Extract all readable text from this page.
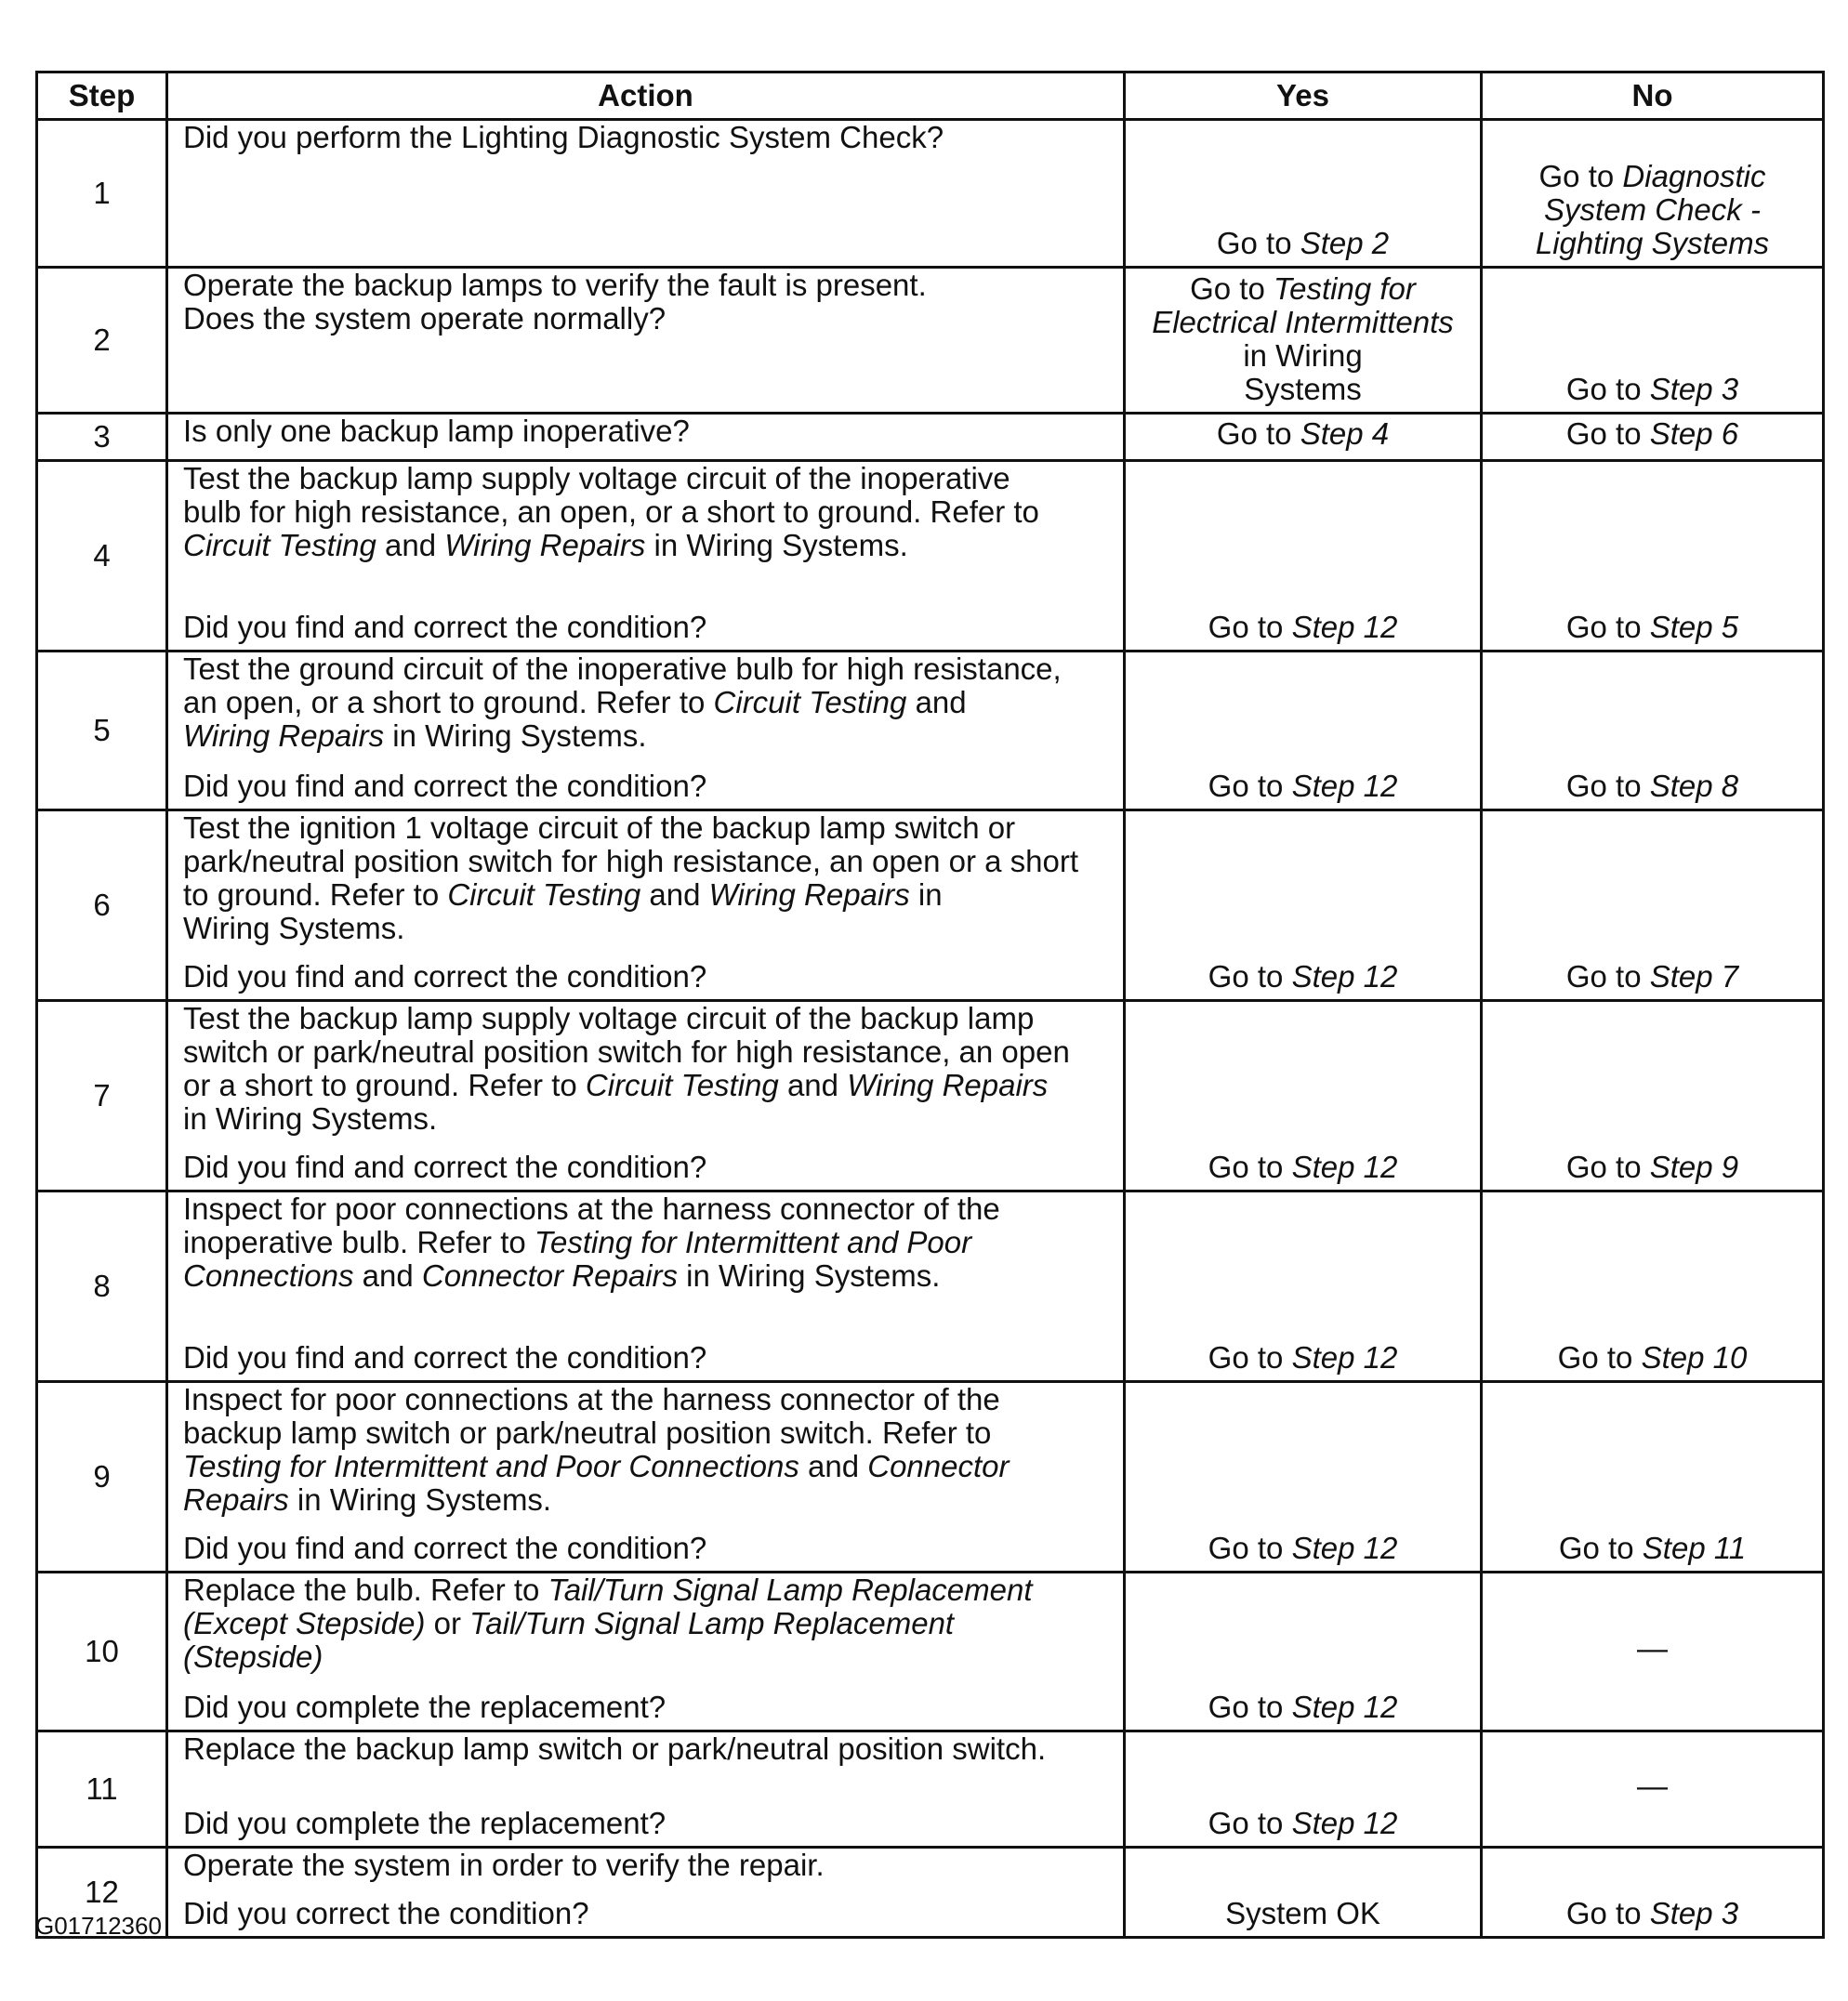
Step	Action	Yes	No
1	Did you perform the Lighting Diagnostic System Check?	Go to Step 2	Go to Diagnostic
System Check -
Lighting Systems

2	Operate the backup lamps to verify the fault is present.
Does the system operate normally?	Go to Testing for
Electrical Intermittents
in Wiring
Systems	Go to Step 3

3	Is only one backup lamp inoperative?	Go to Step 4	Go to Step 6

4	Test the backup lamp supply voltage circuit of the inoperative
bulb for high resistance, an open, or a short to ground. Refer to
Circuit Testing and Wiring Repairs in Wiring Systems.
Did you find and correct the condition?	Go to Step 12	Go to Step 5

5	Test the ground circuit of the inoperative bulb for high resistance,
an open, or a short to ground. Refer to Circuit Testing and
Wiring Repairs in Wiring Systems.
Did you find and correct the condition?	Go to Step 12	Go to Step 8

6	Test the ignition 1 voltage circuit of the backup lamp switch or
park/neutral position switch for high resistance, an open or a short
to ground. Refer to Circuit Testing and Wiring Repairs in
Wiring Systems.
Did you find and correct the condition?	Go to Step 12	Go to Step 7

7	Test the backup lamp supply voltage circuit of the backup lamp
switch or park/neutral position switch for high resistance, an open
or a short to ground. Refer to Circuit Testing and Wiring Repairs
in Wiring Systems.
Did you find and correct the condition?	Go to Step 12	Go to Step 9

8	Inspect for poor connections at the harness connector of the
inoperative bulb. Refer to Testing for Intermittent and Poor
Connections and Connector Repairs in Wiring Systems.
Did you find and correct the condition?	Go to Step 12	Go to Step 10

9	Inspect for poor connections at the harness connector of the
backup lamp switch or park/neutral position switch. Refer to
Testing for Intermittent and Poor Connections and Connector
Repairs in Wiring Systems.
Did you find and correct the condition?	Go to Step 12	Go to Step 11

10	Replace the bulb. Refer to Tail/Turn Signal Lamp Replacement
(Except Stepside) or Tail/Turn Signal Lamp Replacement
(Stepside)
Did you complete the replacement?	Go to Step 12	—

11	Replace the backup lamp switch or park/neutral position switch.
Did you complete the replacement?	Go to Step 12	—

12	Operate the system in order to verify the repair.
Did you correct the condition?	System OK	Go to Step 3
G01712360
